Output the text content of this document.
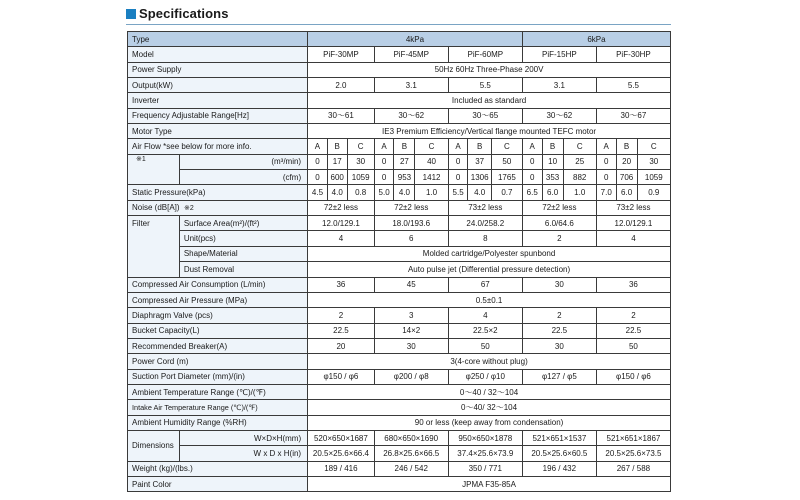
Specifications
Type		4kPa									6kPa					
Model		PiF-30MP			PiF-45MP			PiF-60MP			PiF-15HP			PiF-30HP		
Power Supply		50Hz 60Hz Three-Phase 200V														
Output(kW)		2.0			3.1			5.5			3.1			5.5		
Inverter		Included as standard														
Frequency Adjustable Range[Hz]		30～61			30～62			30～65			30～62			30～67		
Motor Type		IE3 Premium Efficiency/Vertical flange mounted TEFC motor														
Air Flow *see below for more info.		A	B	C	A	B	C	A	B	C	A	B	C	A	B	C
※1	(m³/min)	0	17	30	0	27	40	0	37	50	0	10	25	0	20	30
	(cfm)	0	600	1059	0	953	1412	0	1306	1765	0	353	882	0	706	1059
Static Pressure(kPa)		4.5	4.0	0.8	5.0	4.0	1.0	5.5	4.0	0.7	6.5	6.0	1.0	7.0	6.0	0.9
Noise (dB[A]) ※2		72±2 less			72±2 less			73±2 less			72±2 less			73±2 less		
Filter	Surface Area(m²)/(ft²)	12.0/129.1			18.0/193.6			24.0/258.2			6.0/64.6			12.0/129.1		
	Unit(pcs)	4			6			8			2			4		
	Shape/Material	Molded cartridge/Polyester spunbond														
	Dust Removal	Auto pulse jet (Differential pressure detection)														
Compressed Air Consumption (L/min)		36			45			67			30			36		
Compressed Air Pressure (MPa)		0.5±0.1														
Diaphragm Valve (pcs)		2			3			4			2			2		
Bucket Capacity(L)		22.5			14×2			22.5×2			22.5			22.5		
Recommended Breaker(A)		20			30			50			30			50		
Power Cord (m)		3(4-core without plug)														
Suction Port Diameter (mm)/(in)		φ150 / φ6			φ200 / φ8			φ250 / φ10			φ127 / φ5			φ150 / φ6		
Ambient Temperature Range (℃)/(℉)		0～40 / 32～104														
Intake Air Temperature Range (℃)/(℉)		0～40/ 32～104														
Ambient Humidity Range (%RH)		90 or less (keep away from condensation)														
Dimensions	W×D×H(mm)	520×650×1687			680×650×1690			950×650×1878			521×651×1537			521×651×1867		
	W x D x H(in)	20.5×25.6×66.4			26.8×25.6×66.5			37.4×25.6×73.9			20.5×25.6×60.5			20.5×25.6×73.5		
Weight (kg)/(lbs.)		189 / 416			246 / 542			350 / 771			196 / 432			267 / 588		
Paint Color		JPMA F35-85A														
